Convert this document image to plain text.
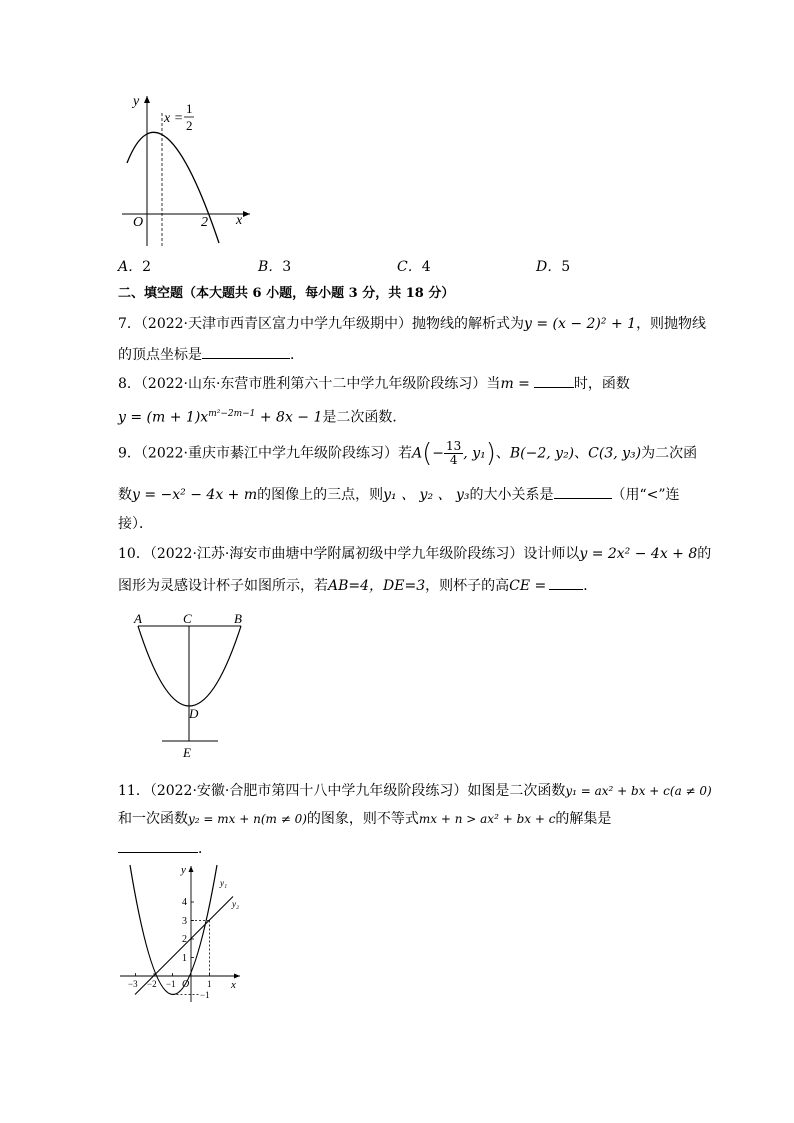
y
x
O	2
x =
1
2
A．2	B．3	C．4	D．5
二、填空题（本大题共 6 小题，每小题 3 分，共 18 分）
7．（2022·天津市西青区富力中学九年级期中）抛物线的解析式为y = (x − 2)² + 1，则抛物线
的顶点坐标是	．
8．（2022·山东·东营市胜利第六十二中学九年级阶段练习）当m =	时，函数
$y = (m + 1)x^{m^2-2m-1} + 8x - 1$是二次函数．
9．（2022·重庆市綦江中学九年级阶段练习）若$A(- \frac{13}{4}$ , y₁)、B(−2, y₂)、C(3, y₃)为二次函
数y = −x² − 4x + m的图像上的三点，则y₁ 、 y₂ 、 y₃的大小关系是	（用“<”连
接）．
10．（2022·江苏·海安市曲塘中学附属初级中学九年级阶段练习）设计师以y = 2x² − 4x + 8的
图形为灵感设计杯子如图所示，若AB=4，DE=3，则杯子的高CE =	．
A	C	B
D
E
11．（2022·安徽·合肥市第四十八中学九年级阶段练习）如图是二次函数y₁ = ax² + bx + c(a ≠ 0)
和一次函数y₂ = mx + n(m ≠ 0)的图象，则不等式mx + n > ax² + bx + c的解集是
．
y
x
O
y₁
y₂
1
2
3
4
−3 −2 −1	1
−1
